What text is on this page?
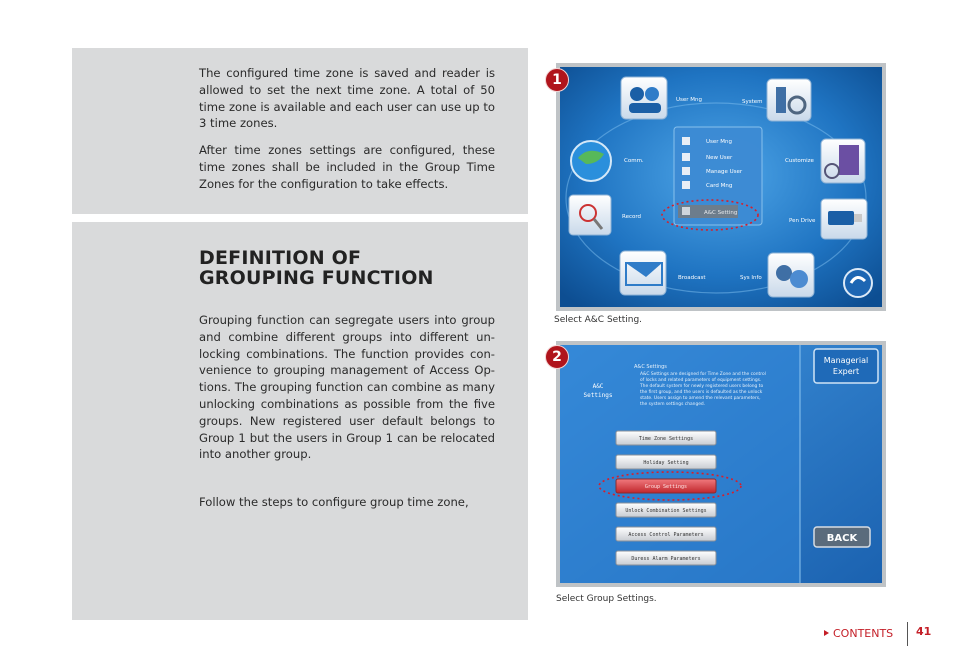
The configured time zone is saved and reader is allowed to set the next time zone. A total of 50 time zone is available and each user can use up to 3 time zones.

After time zones settings are configured, these time zones shall be included in the Group Time Zones for the configuration to take effects.

DEFINITION OF
GROUPING FUNCTION

Grouping function can segregate users into group and combine different groups into different un-locking combinations. The function provides con-venience to grouping management of Access Op-tions. The grouping function can combine as many unlocking combinations as possible from the five groups. New registered user default belongs to Group 1 but the users in Group 1 can be relocated into another group.

Follow the steps to configure group time zone,

1
User Mng	System
Comm.	Customize
Record
Pen Drive
Broadcast	Sys Info
User Mng
New User
Manage User
Card Mng
A&C Setting

Select A&C Setting.

2
A&C
Settings
A&C Settings
A&C Settings are designed for Time Zone and the control
of locks and related parameters of equipment settings.
The default system for newly registered users belong to
the first group, and the users is defaulted as the unlock
state. Users assign to amend the relevant parameters,
the system settings changed.
Managerial
Expert
Time Zone Settings
Holiday Setting
Group Settings
Unlock Combination Settings
Access Control Parameters
Duress Alarm Parameters
BACK

Select Group Settings.

CONTENTS 41
